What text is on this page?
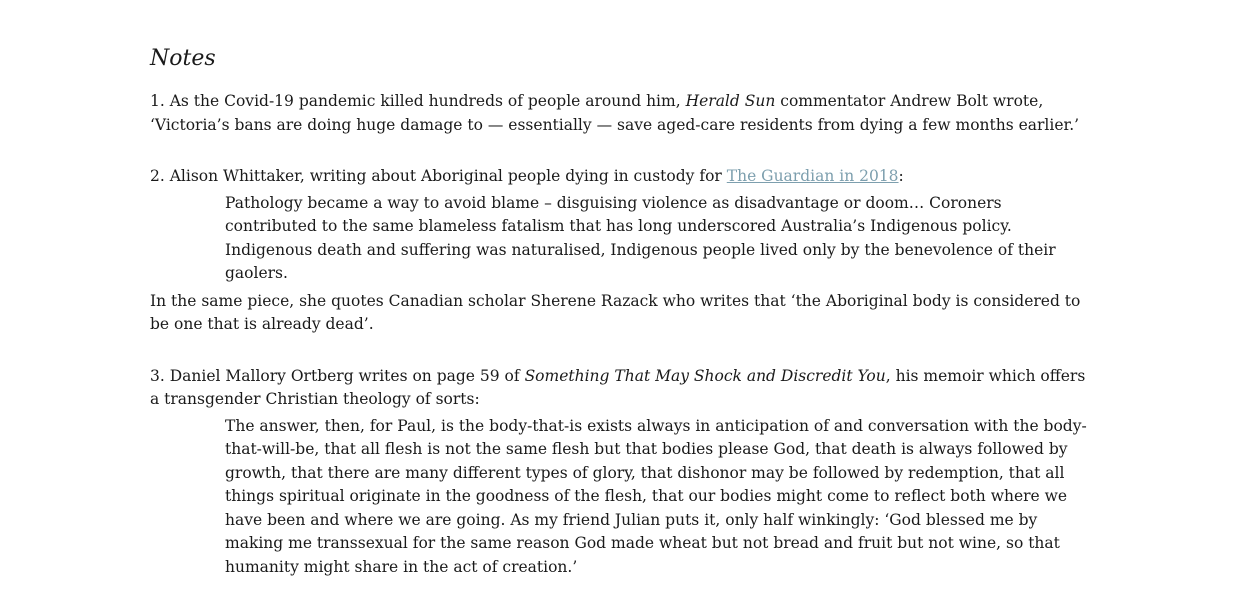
Notes

1. As the Covid-19 pandemic killed hundreds of people around him, Herald Sun commentator Andrew Bolt wrote, ‘Victoria’s bans are doing huge damage to — essentially — save aged-care residents from dying a few months earlier.’

2. Alison Whittaker, writing about Aboriginal people dying in custody for The Guardian in 2018:

Pathology became a way to avoid blame – disguising violence as disadvantage or doom… Coroners contributed to the same blameless fatalism that has long underscored Australia’s Indigenous policy. Indigenous death and suffering was naturalised, Indigenous people lived only by the benevolence of their gaolers.

In the same piece, she quotes Canadian scholar Sherene Razack who writes that ‘the Aboriginal body is considered to be one that is already dead’.

3. Daniel Mallory Ortberg writes on page 59 of Something That May Shock and Discredit You, his memoir which offers a transgender Christian theology of sorts:

The answer, then, for Paul, is the body-that-is exists always in anticipation of and conversation with the body-that-will-be, that all flesh is not the same flesh but that bodies please God, that death is always followed by growth, that there are many different types of glory, that dishonor may be followed by redemption, that all things spiritual originate in the goodness of the flesh, that our bodies might come to reflect both where we have been and where we are going. As my friend Julian puts it, only half winkingly: ‘God blessed me by making me transsexual for the same reason God made wheat but not bread and fruit but not wine, so that humanity might share in the act of creation.’
